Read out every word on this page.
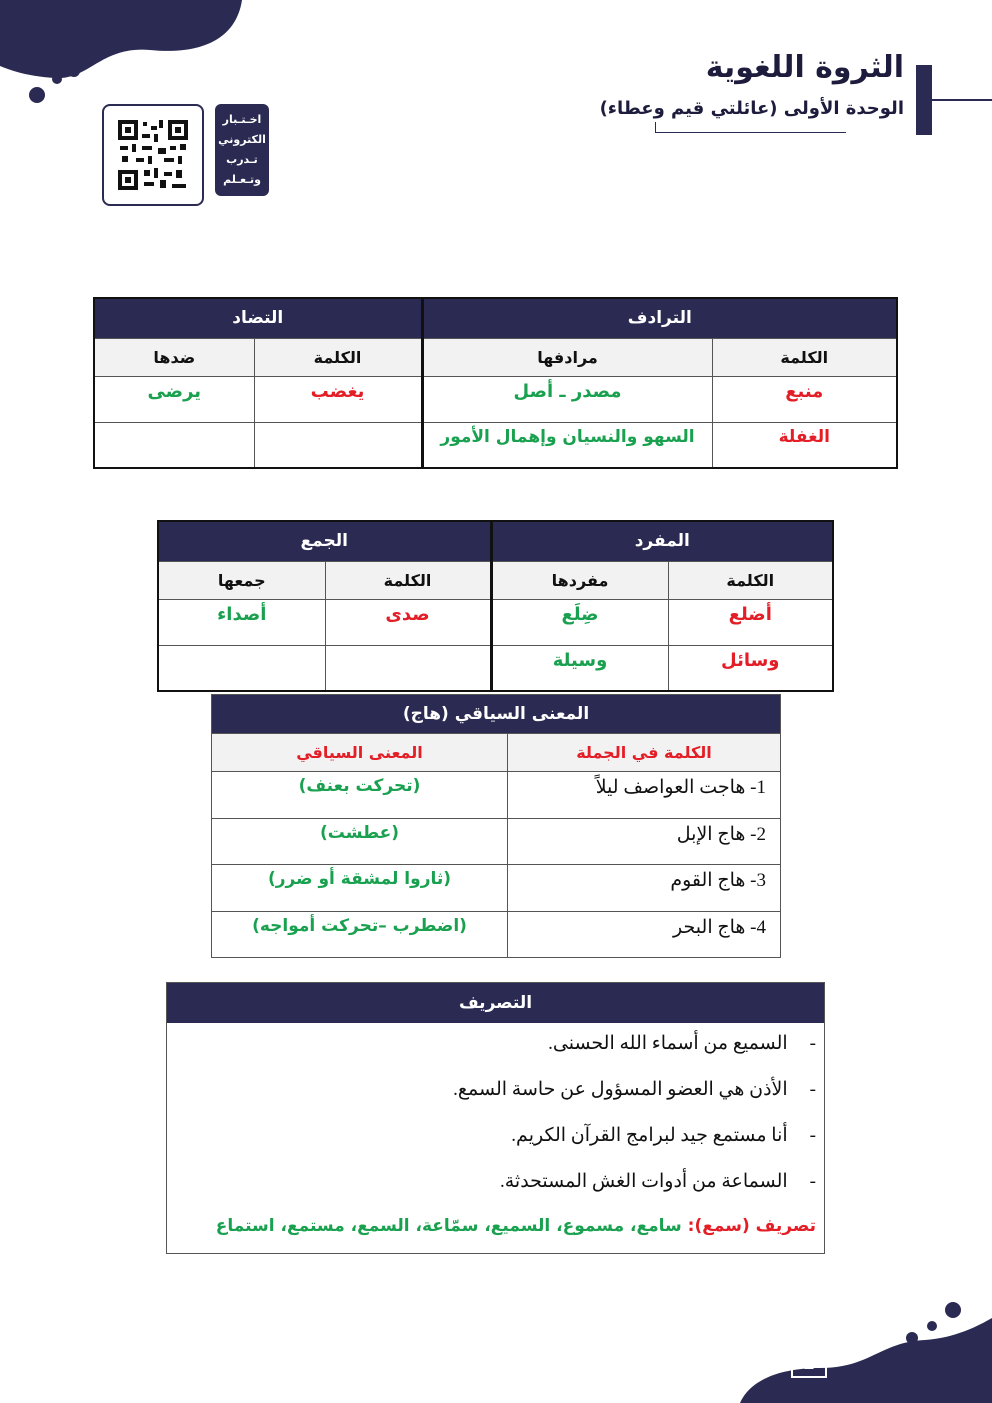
الثروة اللغوية
الوحدة الأولى (عائلتي قيم وعطاء)
اخـتـبار
الكتروني
تـدرب
وتـعـلم
الترادف		التضاد	
الكلمة	مرادفها	الكلمة	ضدها
منبع	مصدر ـ أصل	يغضب	يرضى
الغفلة	السهو والنسيان وإهمال الأمور		
المفرد		الجمع	
الكلمة	مفردها	الكلمة	جمعها
أضلع	ضِلَع	صدى	أصداء
وسائل	وسيلة		
المعنى السياقي (هاج)	
الكلمة في الجملة	المعنى السياقي
1- هاجت العواصف ليلاً	(تحركت بعنف)
2- هاج الإبل	(عطشت)
3- هاج القوم	(ثاروا لمشقة أو ضرر)
4- هاج البحر	(اضطرب –تحركت أمواجه)
التصريف
-السميع من أسماء الله الحسنى.
-الأذن هي العضو المسؤول عن حاسة السمع.
-أنا مستمع جيد لبرامج القرآن الكريم.
-السماعة من أدوات الغش المستحدثة.
تصريف (سمع): سامع، مسموع، السميع، سمّاعة، السمع، مستمع، استماع
2
